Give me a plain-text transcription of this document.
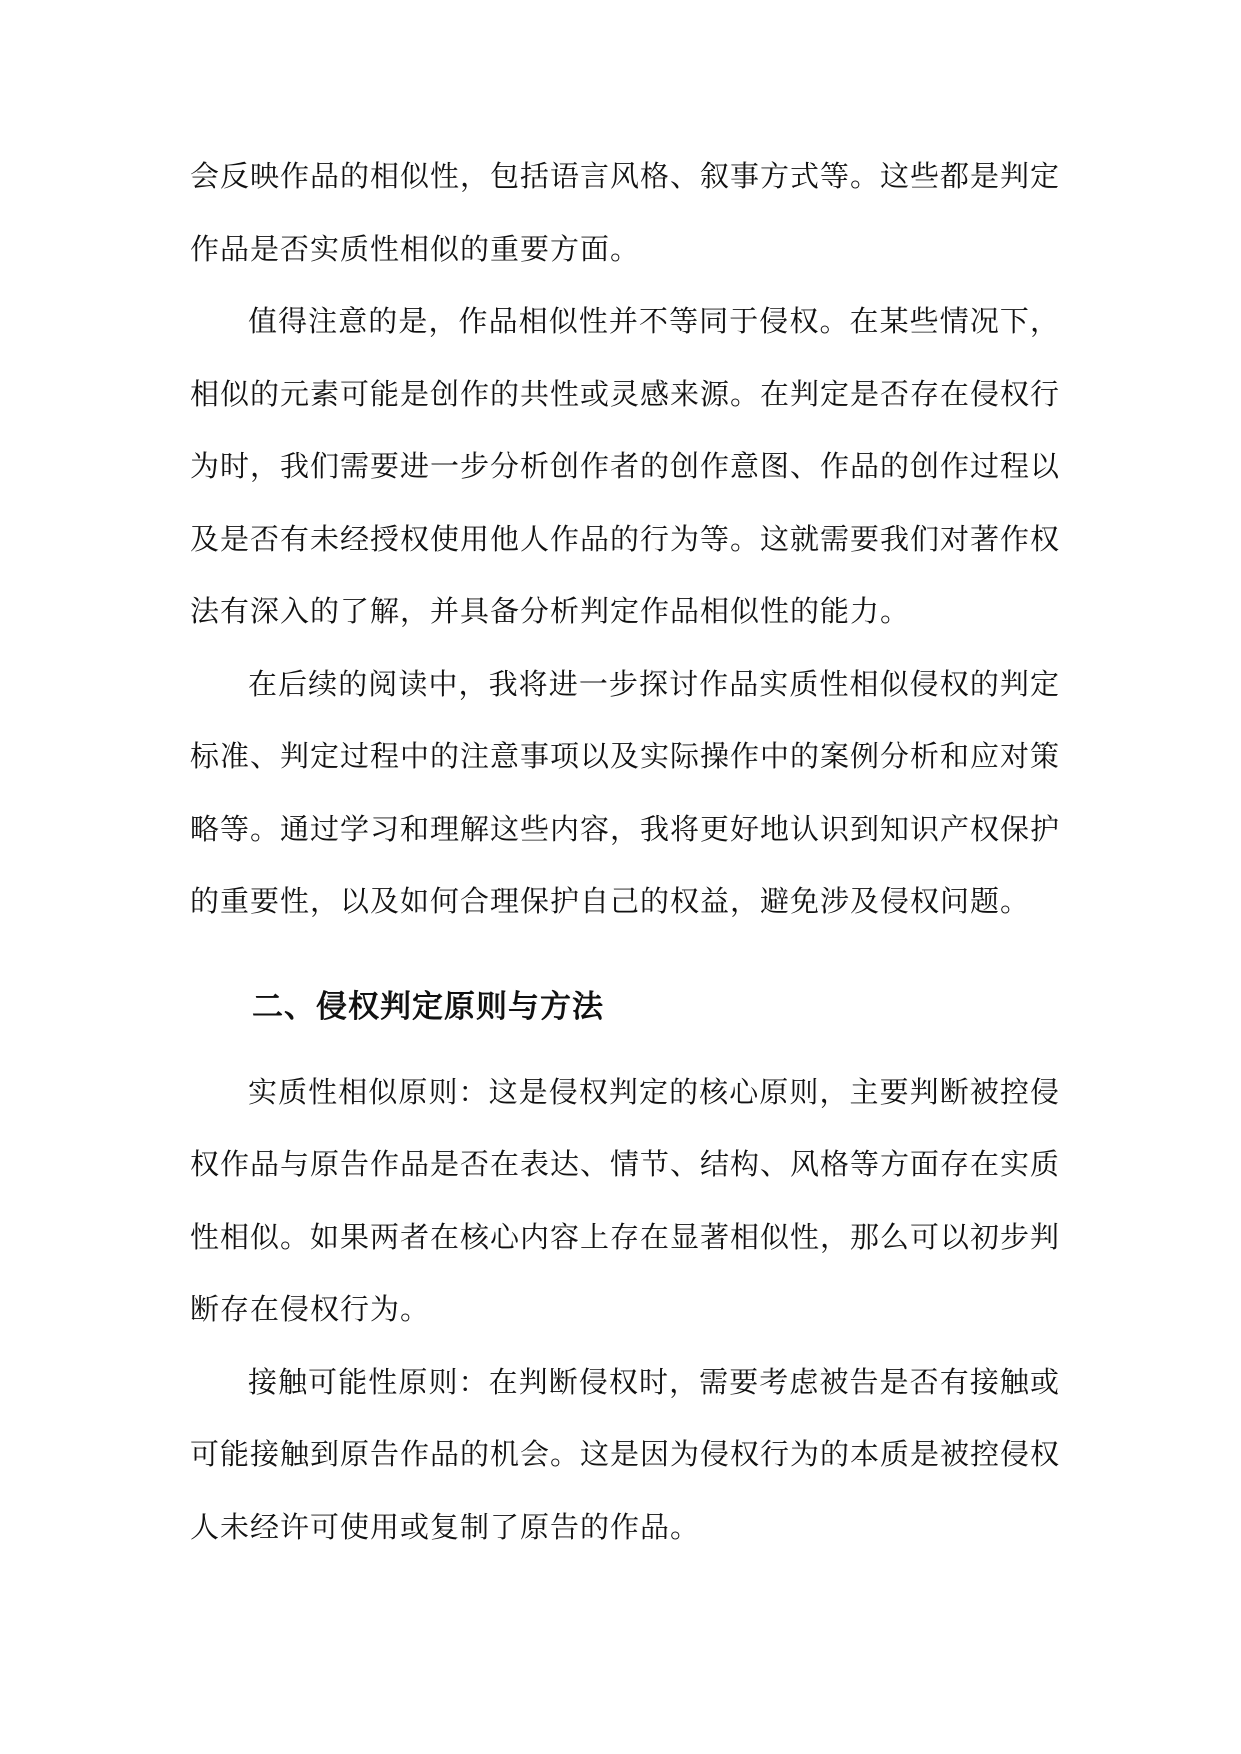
会反映作品的相似性，包括语言风格、叙事方式等。这些都是判定作品是否实质性相似的重要方面。

值得注意的是，作品相似性并不等同于侵权。在某些情况下，相似的元素可能是创作的共性或灵感来源。在判定是否存在侵权行为时，我们需要进一步分析创作者的创作意图、作品的创作过程以及是否有未经授权使用他人作品的行为等。这就需要我们对著作权法有深入的了解，并具备分析判定作品相似性的能力。

在后续的阅读中，我将进一步探讨作品实质性相似侵权的判定标准、判定过程中的注意事项以及实际操作中的案例分析和应对策略等。通过学习和理解这些内容，我将更好地认识到知识产权保护的重要性，以及如何合理保护自己的权益，避免涉及侵权问题。

二、侵权判定原则与方法

实质性相似原则：这是侵权判定的核心原则，主要判断被控侵权作品与原告作品是否在表达、情节、结构、风格等方面存在实质性相似。如果两者在核心内容上存在显著相似性，那么可以初步判断存在侵权行为。

接触可能性原则：在判断侵权时，需要考虑被告是否有接触或可能接触到原告作品的机会。这是因为侵权行为的本质是被控侵权人未经许可使用或复制了原告的作品。
